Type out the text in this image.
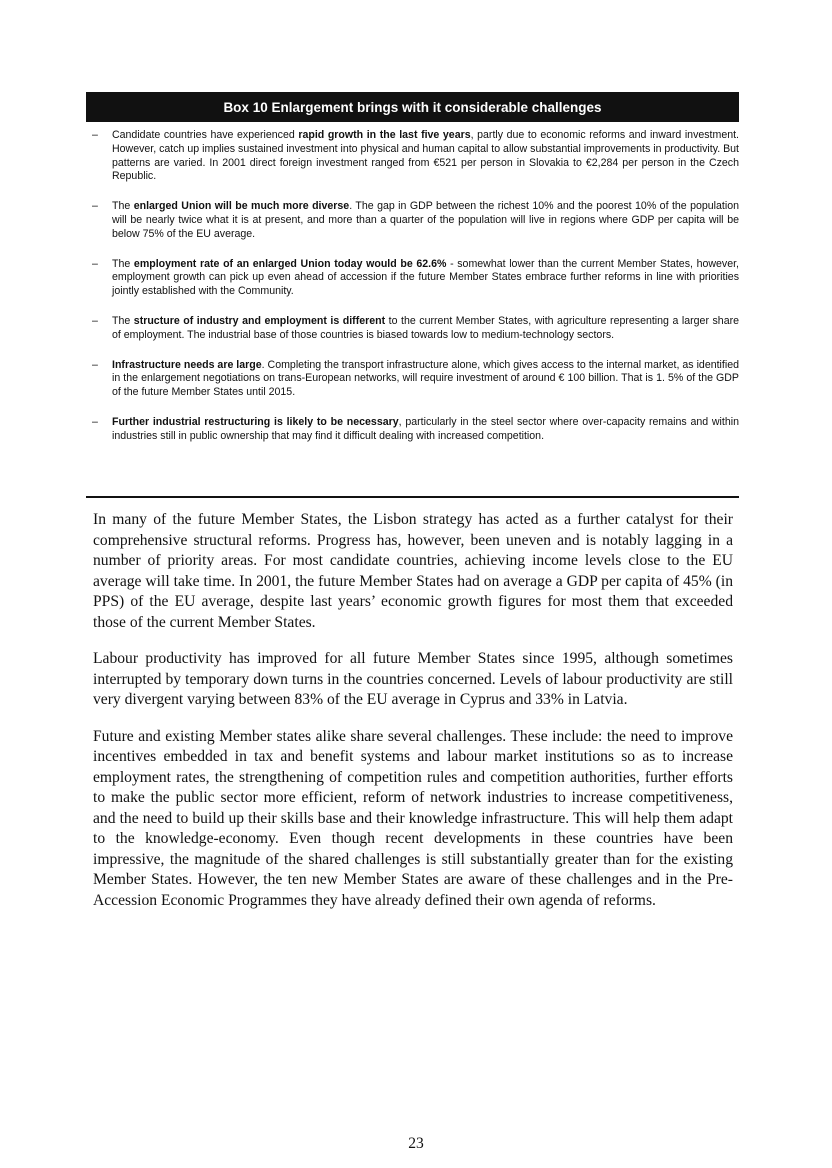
Box 10 Enlargement brings with it considerable challenges
–	Candidate countries have experienced rapid growth in the last five years, partly due to economic reforms and inward investment. However, catch up implies sustained investment into physical and human capital to allow substantial improvements in productivity. But patterns are varied. In 2001 direct foreign investment ranged from €521 per person in Slovakia to €2,284 per person in the Czech Republic.
–	The enlarged Union will be much more diverse. The gap in GDP between the richest 10% and the poorest 10% of the population will be nearly twice what it is at present, and more than a quarter of the population will live in regions where GDP per capita will be below 75% of the EU average.
–	The employment rate of an enlarged Union today would be 62.6% - somewhat lower than the current Member States, however, employment growth can pick up even ahead of accession if the future Member States embrace further reforms in line with priorities jointly established with the Community.
–	The structure of industry and employment is different to the current Member States, with agriculture representing a larger share of employment. The industrial base of those countries is biased towards low to medium-technology sectors.
–	Infrastructure needs are large. Completing the transport infrastructure alone, which gives access to the internal market, as identified in the enlargement negotiations on trans-European networks, will require investment of around € 100 billion. That is 1. 5% of the GDP of the future Member States until 2015.
–	Further industrial restructuring is likely to be necessary, particularly in the steel sector where over-capacity remains and within industries still in public ownership that may find it difficult dealing with increased competition.

In many of the future Member States, the Lisbon strategy has acted as a further catalyst for their comprehensive structural reforms. Progress has, however, been uneven and is notably lagging in a number of priority areas. For most candidate countries, achieving income levels close to the EU average will take time. In 2001, the future Member States had on average a GDP per capita of 45% (in PPS) of the EU average, despite last years’ economic growth figures for most them that exceeded those of the current Member States.

Labour productivity has improved for all future Member States since 1995, although sometimes interrupted by temporary down turns in the countries concerned. Levels of labour productivity are still very divergent varying between 83% of the EU average in Cyprus and 33% in Latvia.

Future and existing Member states alike share several challenges. These include: the need to improve incentives embedded in tax and benefit systems and labour market institutions so as to increase employment rates, the strengthening of competition rules and competition authorities, further efforts to make the public sector more efficient, reform of network industries to increase competitiveness, and the need to build up their skills base and their knowledge infrastructure. This will help them adapt to the knowledge-economy. Even though recent developments in these countries have been impressive, the magnitude of the shared challenges is still substantially greater than for the existing Member States. However, the ten new Member States are aware of these challenges and in the Pre-Accession Economic Programmes they have already defined their own agenda of reforms.

23
